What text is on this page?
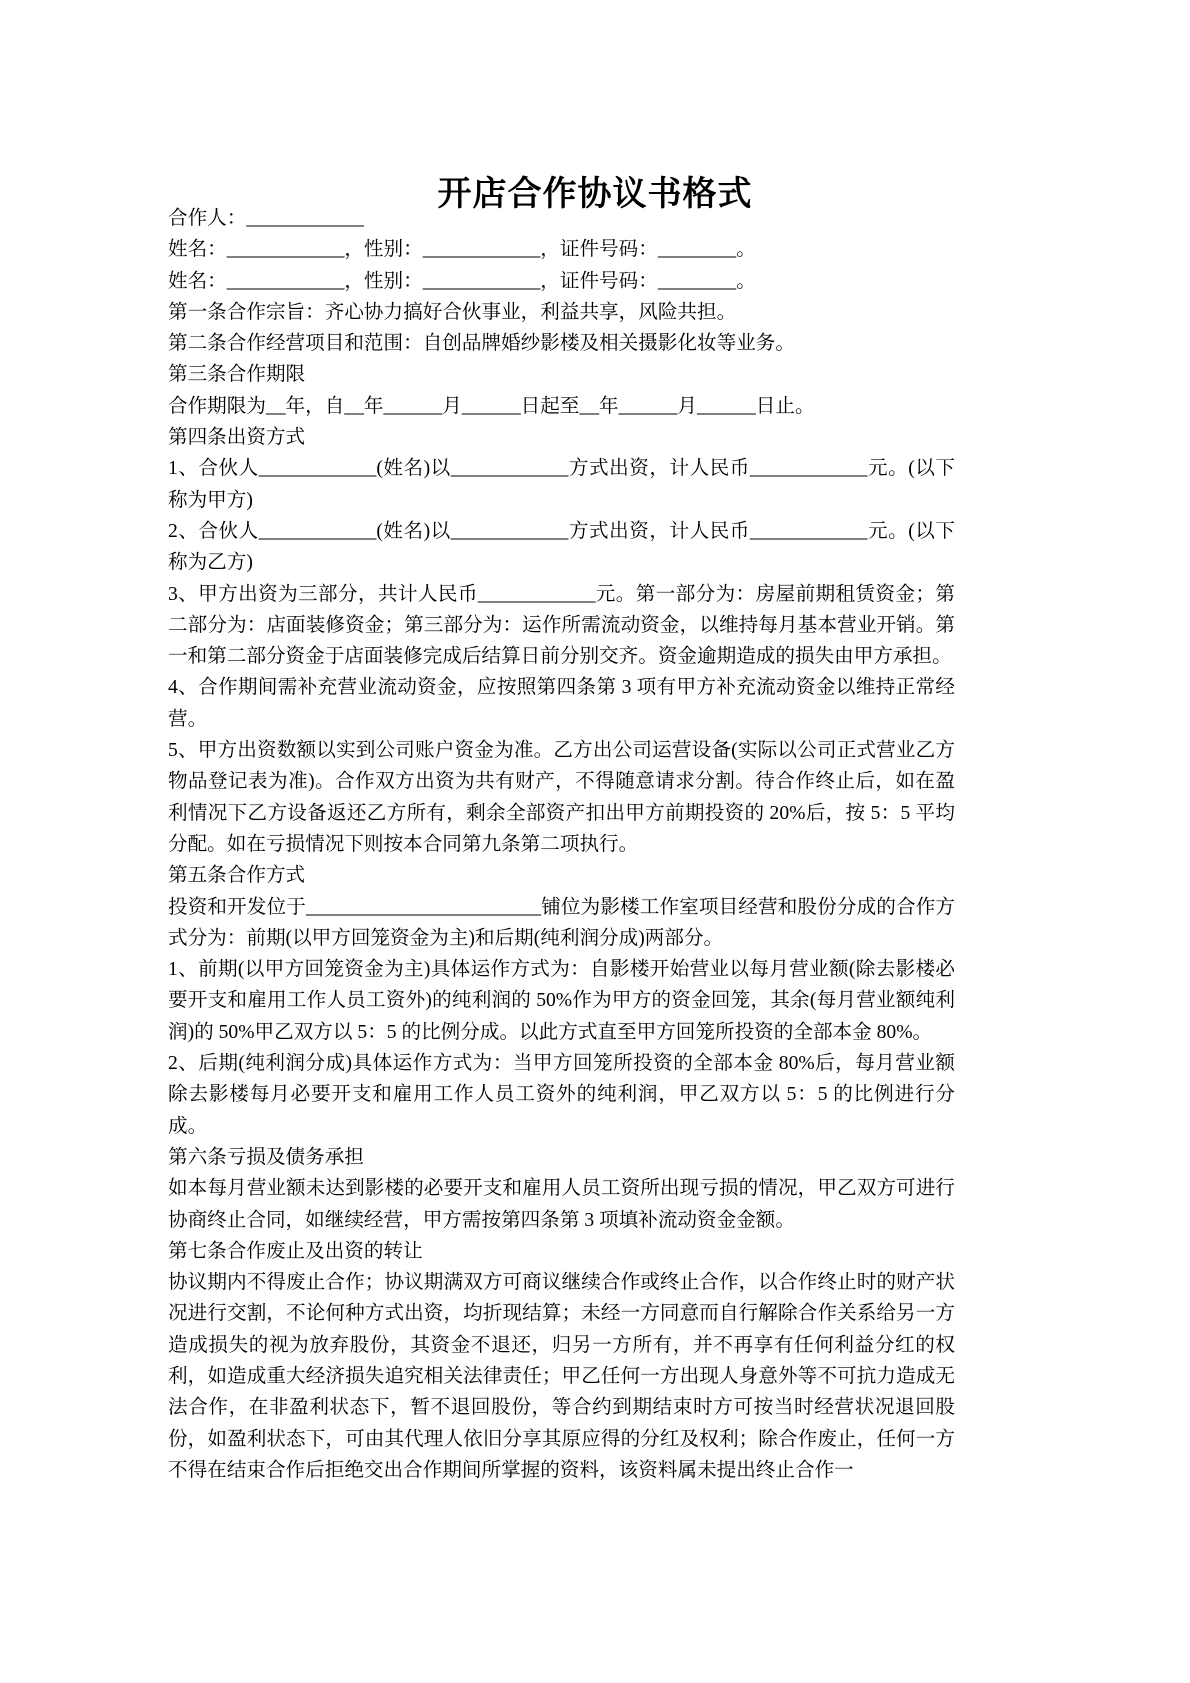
开店合作协议书格式

合作人：____________

姓名：____________，性别：____________，证件号码：________。

姓名：____________，性别：____________，证件号码：________。

第一条合作宗旨：齐心协力搞好合伙事业，利益共享，风险共担。

第二条合作经营项目和范围：自创品牌婚纱影楼及相关摄影化妆等业务。

第三条合作期限

合作期限为__年，自__年______月______日起至__年______月______日止。

第四条出资方式

1、合伙人____________(姓名)以____________方式出资，计人民币____________元。(以下称为甲方)

2、合伙人____________(姓名)以____________方式出资，计人民币____________元。(以下称为乙方)

3、甲方出资为三部分，共计人民币____________元。第一部分为：房屋前期租赁资金；第二部分为：店面装修资金；第三部分为：运作所需流动资金，以维持每月基本营业开销。第一和第二部分资金于店面装修完成后结算日前分别交齐。资金逾期造成的损失由甲方承担。

4、合作期间需补充营业流动资金，应按照第四条第 3 项有甲方补充流动资金以维持正常经营。

5、甲方出资数额以实到公司账户资金为准。乙方出公司运营设备(实际以公司正式营业乙方物品登记表为准)。合作双方出资为共有财产，不得随意请求分割。待合作终止后，如在盈利情况下乙方设备返还乙方所有，剩余全部资产扣出甲方前期投资的 20%后，按 5：5 平均分配。如在亏损情况下则按本合同第九条第二项执行。

第五条合作方式

投资和开发位于________________________铺位为影楼工作室项目经营和股份分成的合作方式分为：前期(以甲方回笼资金为主)和后期(纯利润分成)两部分。

1、前期(以甲方回笼资金为主)具体运作方式为：自影楼开始营业以每月营业额(除去影楼必要开支和雇用工作人员工资外)的纯利润的 50%作为甲方的资金回笼，其余(每月营业额纯利润)的 50%甲乙双方以 5：5 的比例分成。以此方式直至甲方回笼所投资的全部本金 80%。

2、后期(纯利润分成)具体运作方式为：当甲方回笼所投资的全部本金 80%后，每月营业额除去影楼每月必要开支和雇用工作人员工资外的纯利润，甲乙双方以 5：5 的比例进行分成。

第六条亏损及债务承担

如本每月营业额未达到影楼的必要开支和雇用人员工资所出现亏损的情况，甲乙双方可进行协商终止合同，如继续经营，甲方需按第四条第 3 项填补流动资金金额。

第七条合作废止及出资的转让

协议期内不得废止合作；协议期满双方可商议继续合作或终止合作，以合作终止时的财产状况进行交割，不论何种方式出资，均折现结算；未经一方同意而自行解除合作关系给另一方造成损失的视为放弃股份，其资金不退还，归另一方所有，并不再享有任何利益分红的权利，如造成重大经济损失追究相关法律责任；甲乙任何一方出现人身意外等不可抗力造成无法合作，在非盈利状态下，暂不退回股份，等合约到期结束时方可按当时经营状况退回股份，如盈利状态下，可由其代理人依旧分享其原应得的分红及权利；除合作废止，任何一方不得在结束合作后拒绝交出合作期间所掌握的资料，该资料属未提出终止合作一
